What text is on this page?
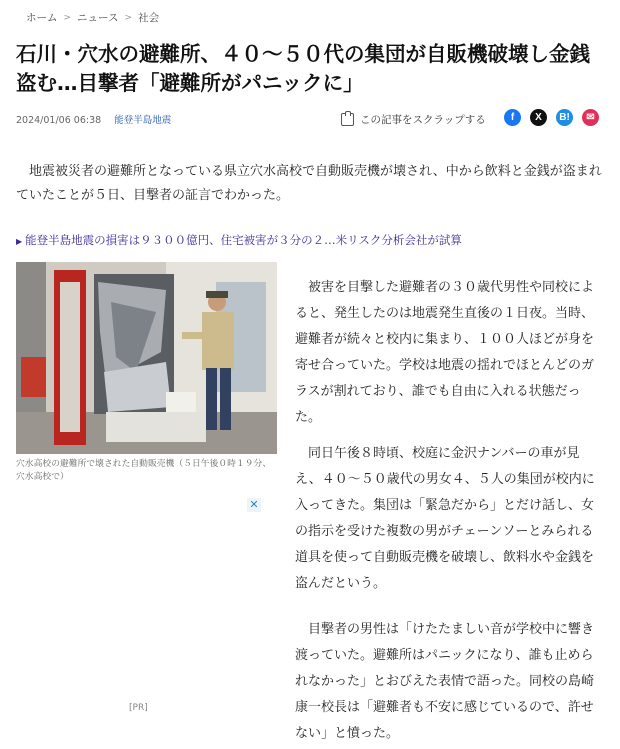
ホーム > ニュース > 社会
石川・穴水の避難所、４０～５０代の集団が自販機破壊し金銭盗む…目撃者「避難所がパニックに」
2024/01/06 06:38 能登半島地震	この記事をスクラップする	f	X	B!	✉

地震被災者の避難所となっている県立穴水高校で自動販売機が壊され、中から飲料と金銭が盗まれていたことが５日、目撃者の証言でわかった。

▶ 能登半島地震の損害は９３００億円、住宅被害が３分の２…米リスク分析会社が試算

穴水高校の避難所で壊された自動販売機（５日午後０時１９分、穴水高校で）

✕
[PR]

被害を目撃した避難者の３０歳代男性や同校によると、発生したのは地震発生直後の１日夜。当時、避難者が続々と校内に集まり、１００人ほどが身を寄せ合っていた。学校は地震の揺れでほとんどのガラスが割れており、誰でも自由に入れる状態だった。

同日午後８時頃、校庭に金沢ナンバーの車が見え、４０～５０歳代の男女４、５人の集団が校内に入ってきた。集団は「緊急だから」とだけ話し、女の指示を受けた複数の男がチェーンソーとみられる道具を使って自動販売機を破壊し、飲料水や金銭を盗んだという。

目撃者の男性は「けたたましい音が学校中に響き渡っていた。避難所はパニックになり、誰も止められなかった」とおびえた表情で語った。同校の島崎康一校長は「避難者も不安に感じているので、許せない」と憤った。
